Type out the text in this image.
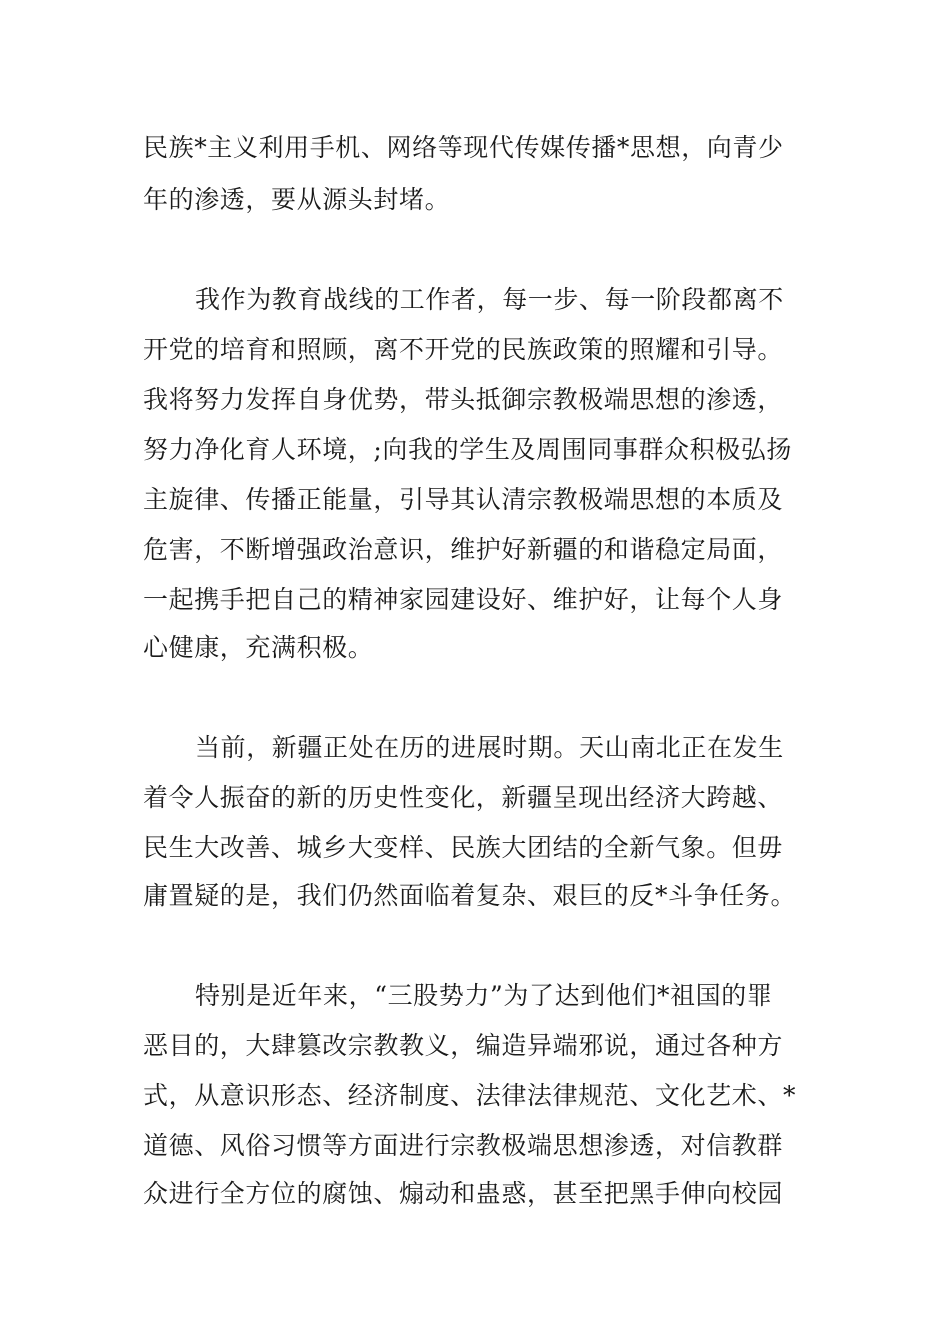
民族*主义利用手机、网络等现代传媒传播*思想，向青少
年的渗透，要从源头封堵。
我作为教育战线的工作者，每一步、每一阶段都离不
开党的培育和照顾，离不开党的民族政策的照耀和引导。
我将努力发挥自身优势，带头抵御宗教极端思想的渗透，
努力净化育人环境，;向我的学生及周围同事群众积极弘扬
主旋律、传播正能量，引导其认清宗教极端思想的本质及
危害，不断增强政治意识，维护好新疆的和谐稳定局面，
一起携手把自己的精神家园建设好、维护好，让每个人身
心健康，充满积极。
当前，新疆正处在历的进展时期。天山南北正在发生
着令人振奋的新的历史性变化，新疆呈现出经济大跨越、
民生大改善、城乡大变样、民族大团结的全新气象。但毋
庸置疑的是，我们仍然面临着复杂、艰巨的反*斗争任务。
特别是近年来，“三股势力”为了达到他们*祖国的罪
恶目的，大肆篡改宗教教义，编造异端邪说，通过各种方
式，从意识形态、经济制度、法律法律规范、文化艺术、*
道德、风俗习惯等方面进行宗教极端思想渗透，对信教群
众进行全方位的腐蚀、煽动和蛊惑，甚至把黑手伸向校园
